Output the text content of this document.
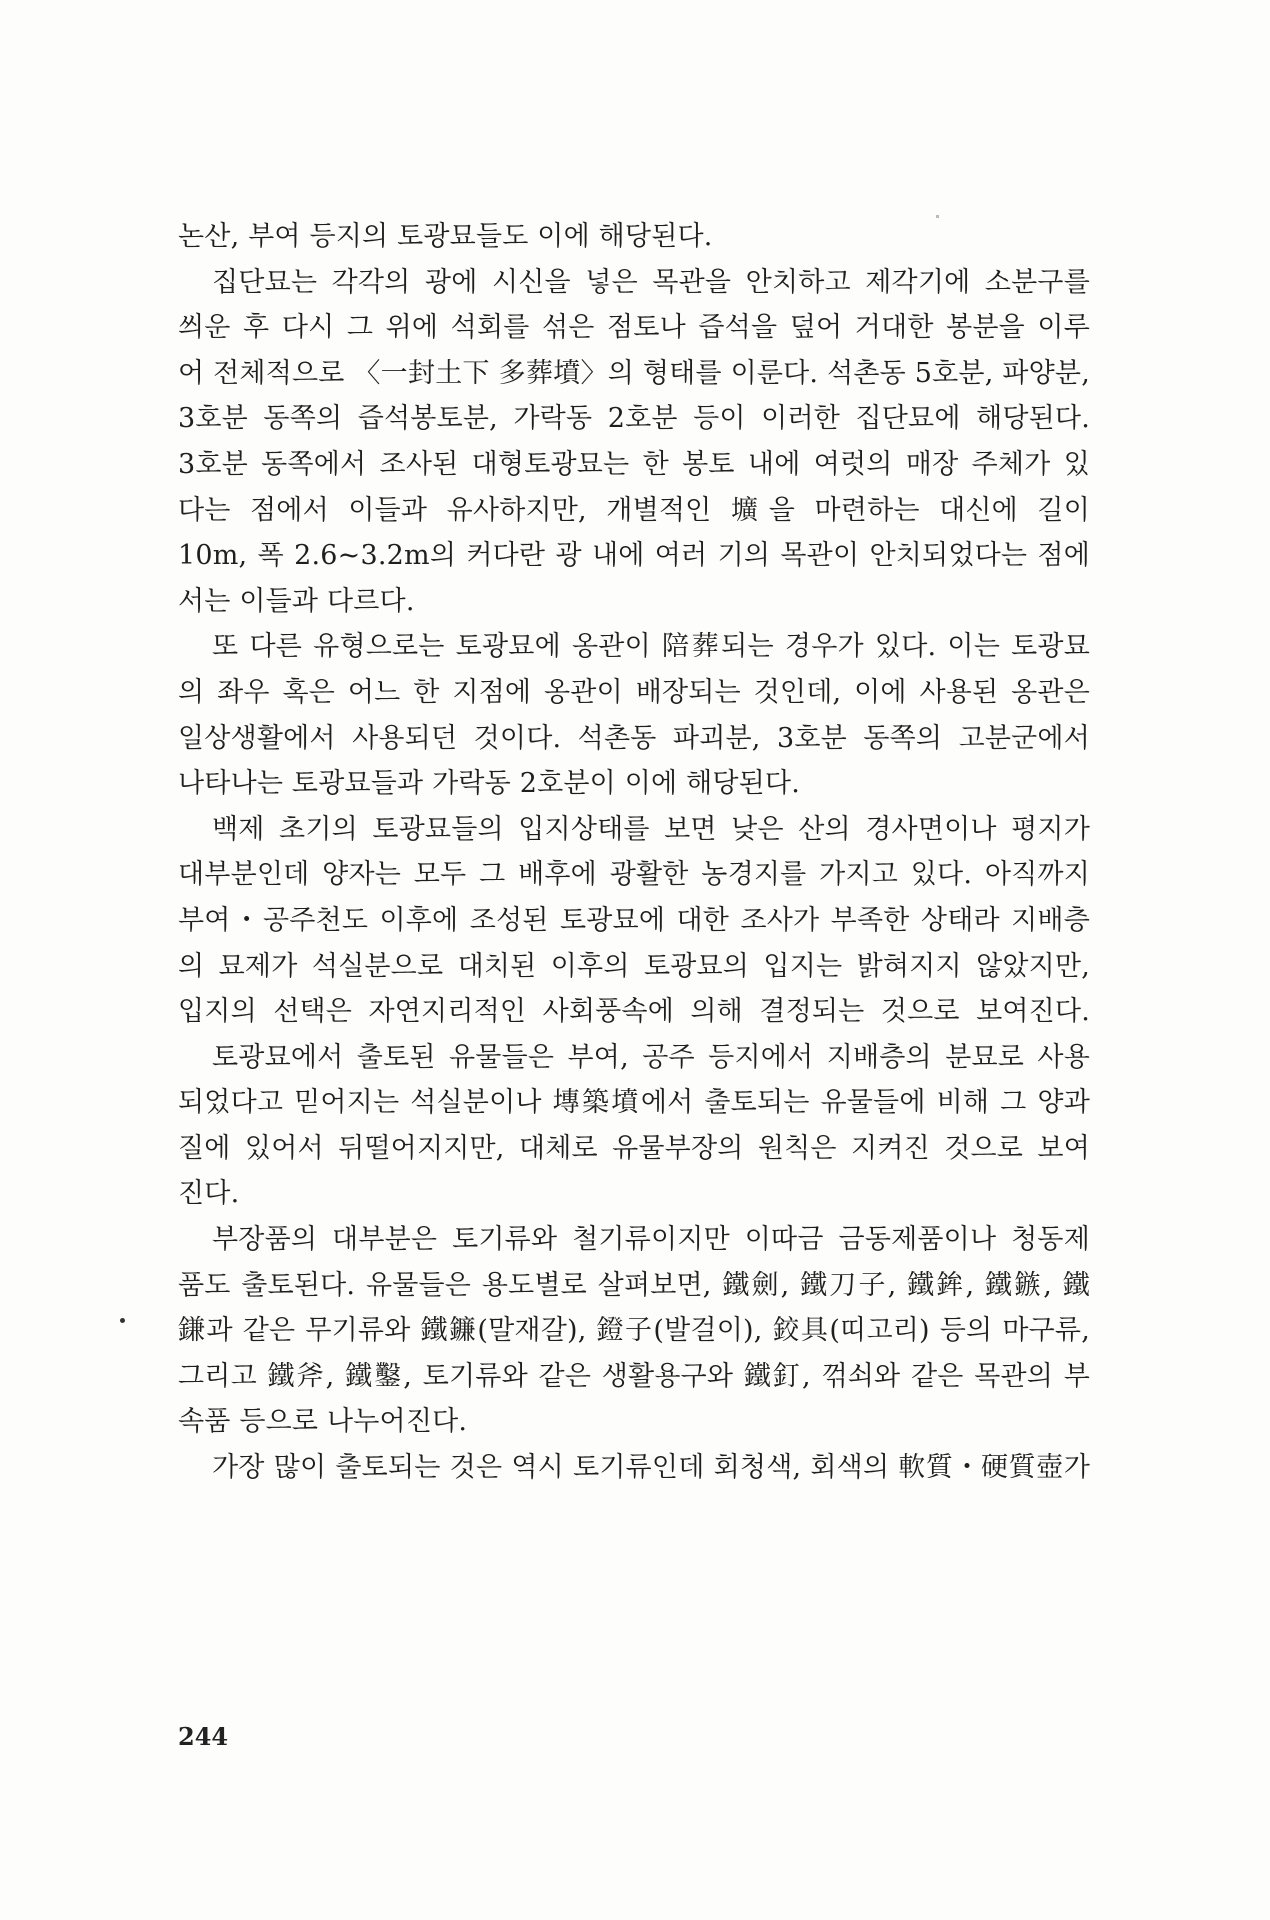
논산, 부여 등지의 토광묘들도 이에 해당된다.
집단묘는 각각의 광에 시신을 넣은 목관을 안치하고 제각기에 소분구를
씌운 후 다시 그 위에 석회를 섞은 점토나 즙석을 덮어 거대한 봉분을 이루
어 전체적으로 〈一封土下 多葬墳〉의 형태를 이룬다. 석촌동 5호분, 파양분,
3호분 동쪽의 즙석봉토분, 가락동 2호분 등이 이러한 집단묘에 해당된다.
3호분 동쪽에서 조사된 대형토광묘는 한 봉토 내에 여럿의 매장 주체가 있
다는 점에서 이들과 유사하지만, 개별적인 壙을 마련하는 대신에 길이
10m, 폭 2.6~3.2m의 커다란 광 내에 여러 기의 목관이 안치되었다는 점에
서는 이들과 다르다.
또 다른 유형으로는 토광묘에 옹관이 陪葬되는 경우가 있다. 이는 토광묘
의 좌우 혹은 어느 한 지점에 옹관이 배장되는 것인데, 이에 사용된 옹관은
일상생활에서 사용되던 것이다. 석촌동 파괴분, 3호분 동쪽의 고분군에서
나타나는 토광묘들과 가락동 2호분이 이에 해당된다.
백제 초기의 토광묘들의 입지상태를 보면 낮은 산의 경사면이나 평지가
대부분인데 양자는 모두 그 배후에 광활한 농경지를 가지고 있다. 아직까지
부여・공주천도 이후에 조성된 토광묘에 대한 조사가 부족한 상태라 지배층
의 묘제가 석실분으로 대치된 이후의 토광묘의 입지는 밝혀지지 않았지만,
입지의 선택은 자연지리적인 사회풍속에 의해 결정되는 것으로 보여진다.
토광묘에서 출토된 유물들은 부여, 공주 등지에서 지배층의 분묘로 사용
되었다고 믿어지는 석실분이나 塼築墳에서 출토되는 유물들에 비해 그 양과
질에 있어서 뒤떨어지지만, 대체로 유물부장의 원칙은 지켜진 것으로 보여
진다.
부장품의 대부분은 토기류와 철기류이지만 이따금 금동제품이나 청동제
품도 출토된다. 유물들은 용도별로 살펴보면, 鐵劍, 鐵刀子, 鐵鉾, 鐵鏃, 鐵
鎌과 같은 무기류와 鐵鐮(말재갈), 鐙子(발걸이), 鉸具(띠고리) 등의 마구류,
그리고 鐵斧, 鐵鑿, 토기류와 같은 생활용구와 鐵釘, 꺾쇠와 같은 목관의 부
속품 등으로 나누어진다.
가장 많이 출토되는 것은 역시 토기류인데 회청색, 회색의 軟質・硬質壺가
244
